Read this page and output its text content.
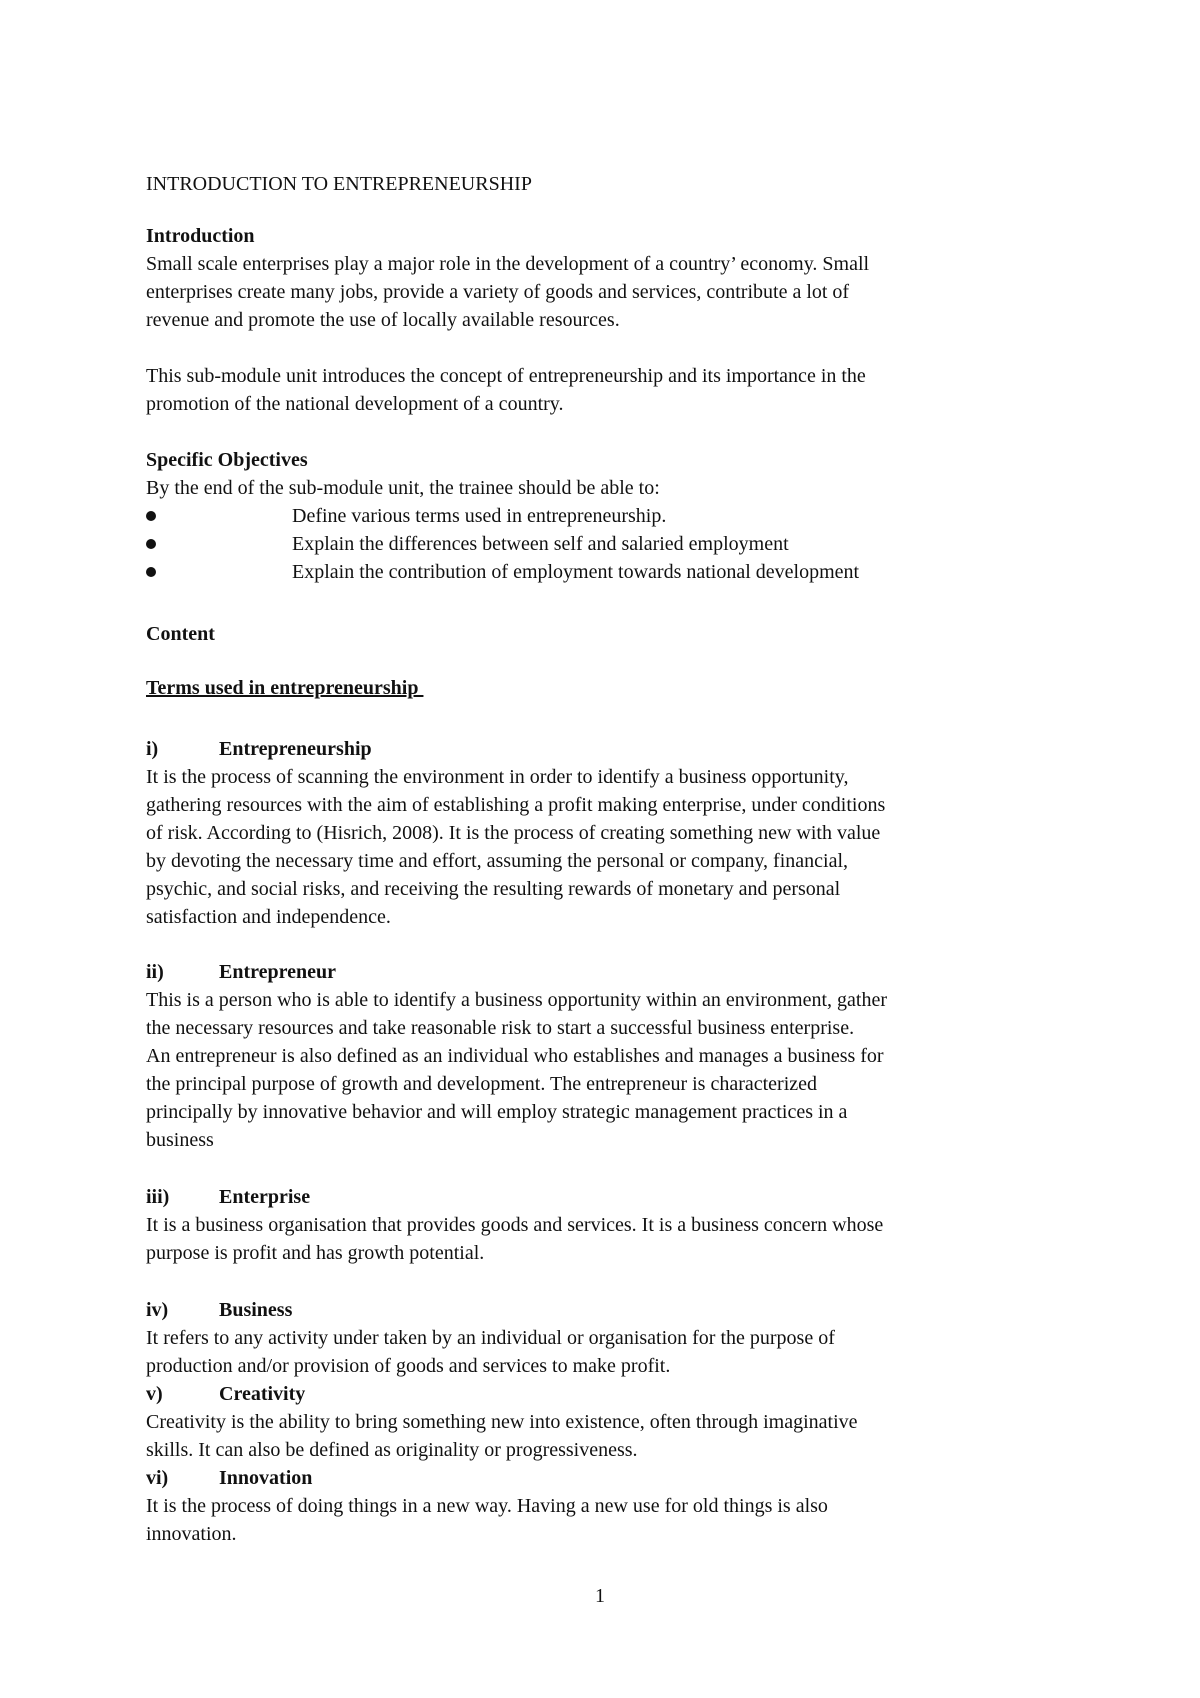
INTRODUCTION TO ENTREPRENEURSHIP

Introduction

Small scale enterprises play a major role in the development of a country’ economy. Small
enterprises create many jobs, provide a variety of goods and services, contribute a lot of
revenue and promote the use of locally available resources.

This sub-module unit introduces the concept of entrepreneurship and its importance in the
promotion of the national development of a country.

Specific Objectives

By the end of the sub-module unit, the trainee should be able to:

Define various terms used in entrepreneurship.
Explain the differences between self and salaried employment
Explain the contribution of employment towards national development

Content

Terms used in entrepreneurship
i)	Entrepreneurship
It is the process of scanning the environment in order to identify a business opportunity,
gathering resources with the aim of establishing a profit making enterprise, under conditions
of risk. According to (Hisrich, 2008). It is the process of creating something new with value
by devoting the necessary time and effort, assuming the personal or company, financial,
psychic, and social risks, and receiving the resulting rewards of monetary and personal
satisfaction and independence.
ii)	Entrepreneur
This is a person who is able to identify a business opportunity within an environment, gather
the necessary resources and take reasonable risk to start a successful business enterprise.
An entrepreneur is also defined as an individual who establishes and manages a business for
the principal purpose of growth and development. The entrepreneur is characterized
principally by innovative behavior and will employ strategic management practices in a
business
iii) Enterprise
It is a business organisation that provides goods and services. It is a business concern whose
purpose is profit and has growth potential.
iv)	Business
It refers to any activity under taken by an individual or organisation for the purpose of
production and/or provision of goods and services to make profit.
v)	Creativity
Creativity is the ability to bring something new into existence, often through imaginative
skills. It can also be defined as originality or progressiveness.
vi)	Innovation
It is the process of doing things in a new way. Having a new use for old things is also
innovation.
1
